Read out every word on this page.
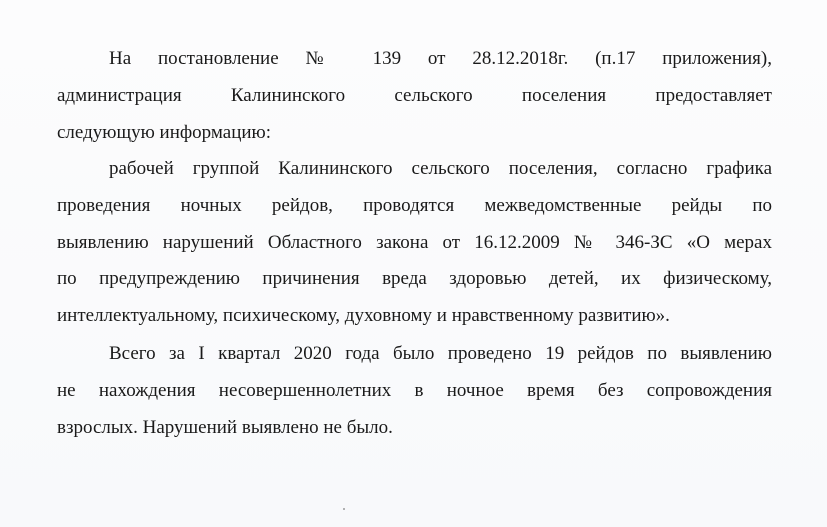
На постановление № 139 от 28.12.2018г. (п.17 приложения),
администрация Калининского сельского поселения предоставляет
следующую информацию:
рабочей группой Калининского сельского поселения, согласно графика
проведения ночных рейдов, проводятся межведомственные рейды по
выявлению нарушений Областного закона от 16.12.2009 № 346-ЗС «О мерах
по предупреждению причинения вреда здоровью детей, их физическому,
интеллектуальному, психическому, духовному и нравственному развитию».
Всего за I квартал 2020 года было проведено 19 рейдов по выявлению
не нахождения несовершеннолетних в ночное время без сопровождения
взрослых. Нарушений выявлено не было.
